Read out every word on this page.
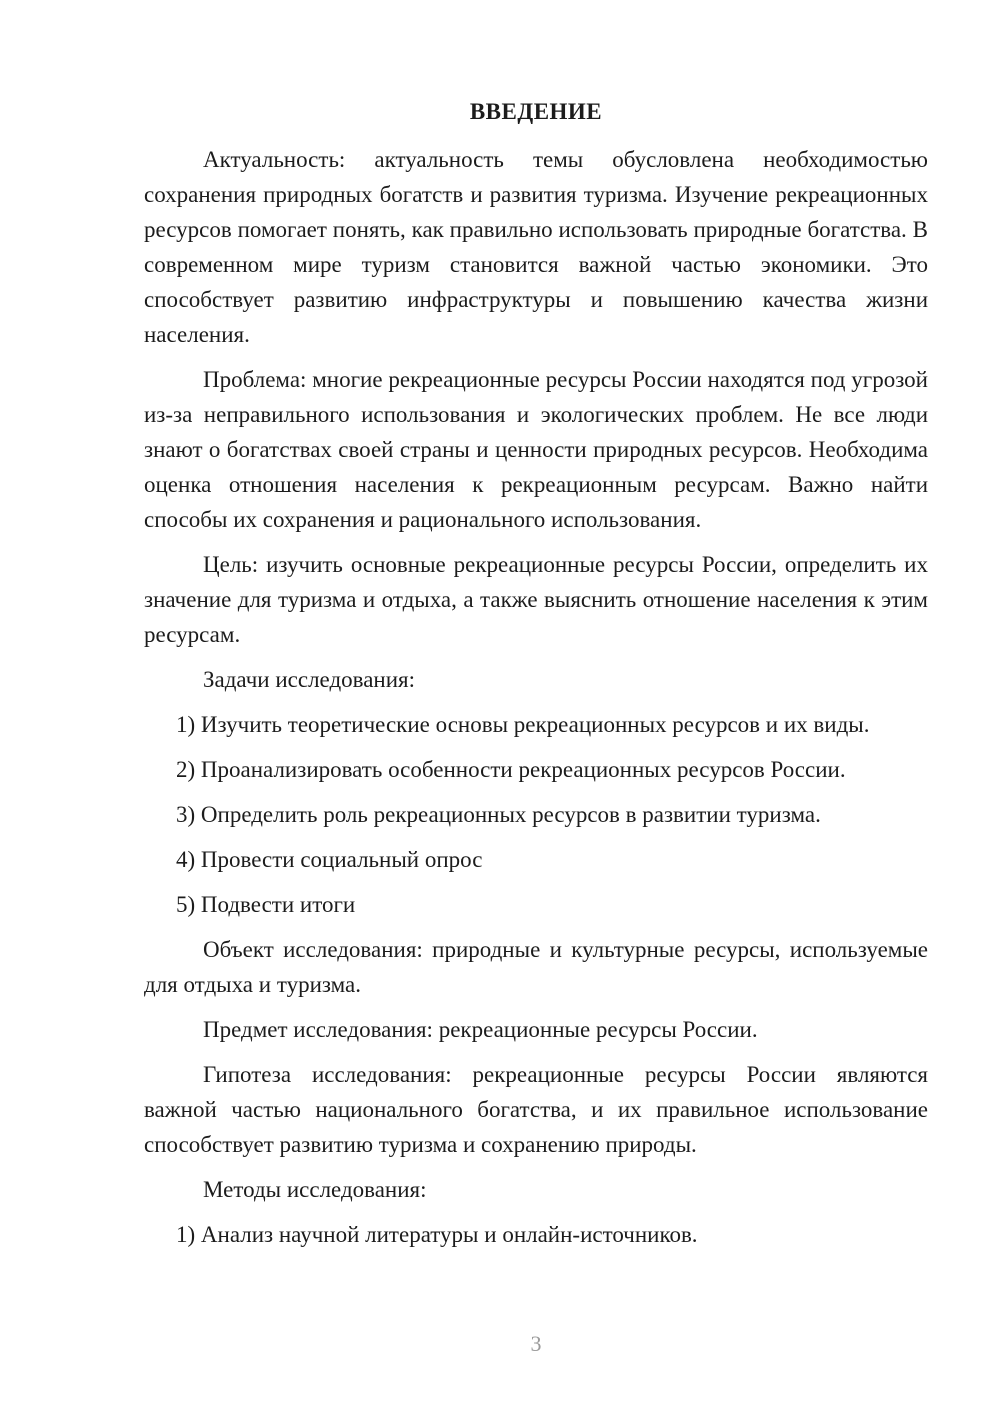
ВВЕДЕНИЕ

Актуальность: актуальность темы обусловлена необходимостью сохранения природных богатств и развития туризма. Изучение рекреационных ресурсов помогает понять, как правильно использовать природные богатства. В современном мире туризм становится важной частью экономики. Это способствует развитию инфраструктуры и повышению качества жизни населения.

Проблема: многие рекреационные ресурсы России находятся под угрозой из-за неправильного использования и экологических проблем. Не все люди знают о богатствах своей страны и ценности природных ресурсов. Необходима оценка отношения населения к рекреационным ресурсам. Важно найти способы их сохранения и рационального использования.

Цель: изучить основные рекреационные ресурсы России, определить их значение для туризма и отдыха, а также выяснить отношение населения к этим ресурсам.

Задачи исследования:

1) Изучить теоретические основы рекреационных ресурсов и их виды.

2) Проанализировать особенности рекреационных ресурсов России.

3) Определить роль рекреационных ресурсов в развитии туризма.

4) Провести социальный опрос

5) Подвести итоги

Объект исследования: природные и культурные ресурсы, используемые для отдыха и туризма.

Предмет исследования: рекреационные ресурсы России.

Гипотеза исследования: рекреационные ресурсы России являются важной частью национального богатства, и их правильное использование способствует развитию туризма и сохранению природы.

Методы исследования:

1) Анализ научной литературы и онлайн-источников.

3
